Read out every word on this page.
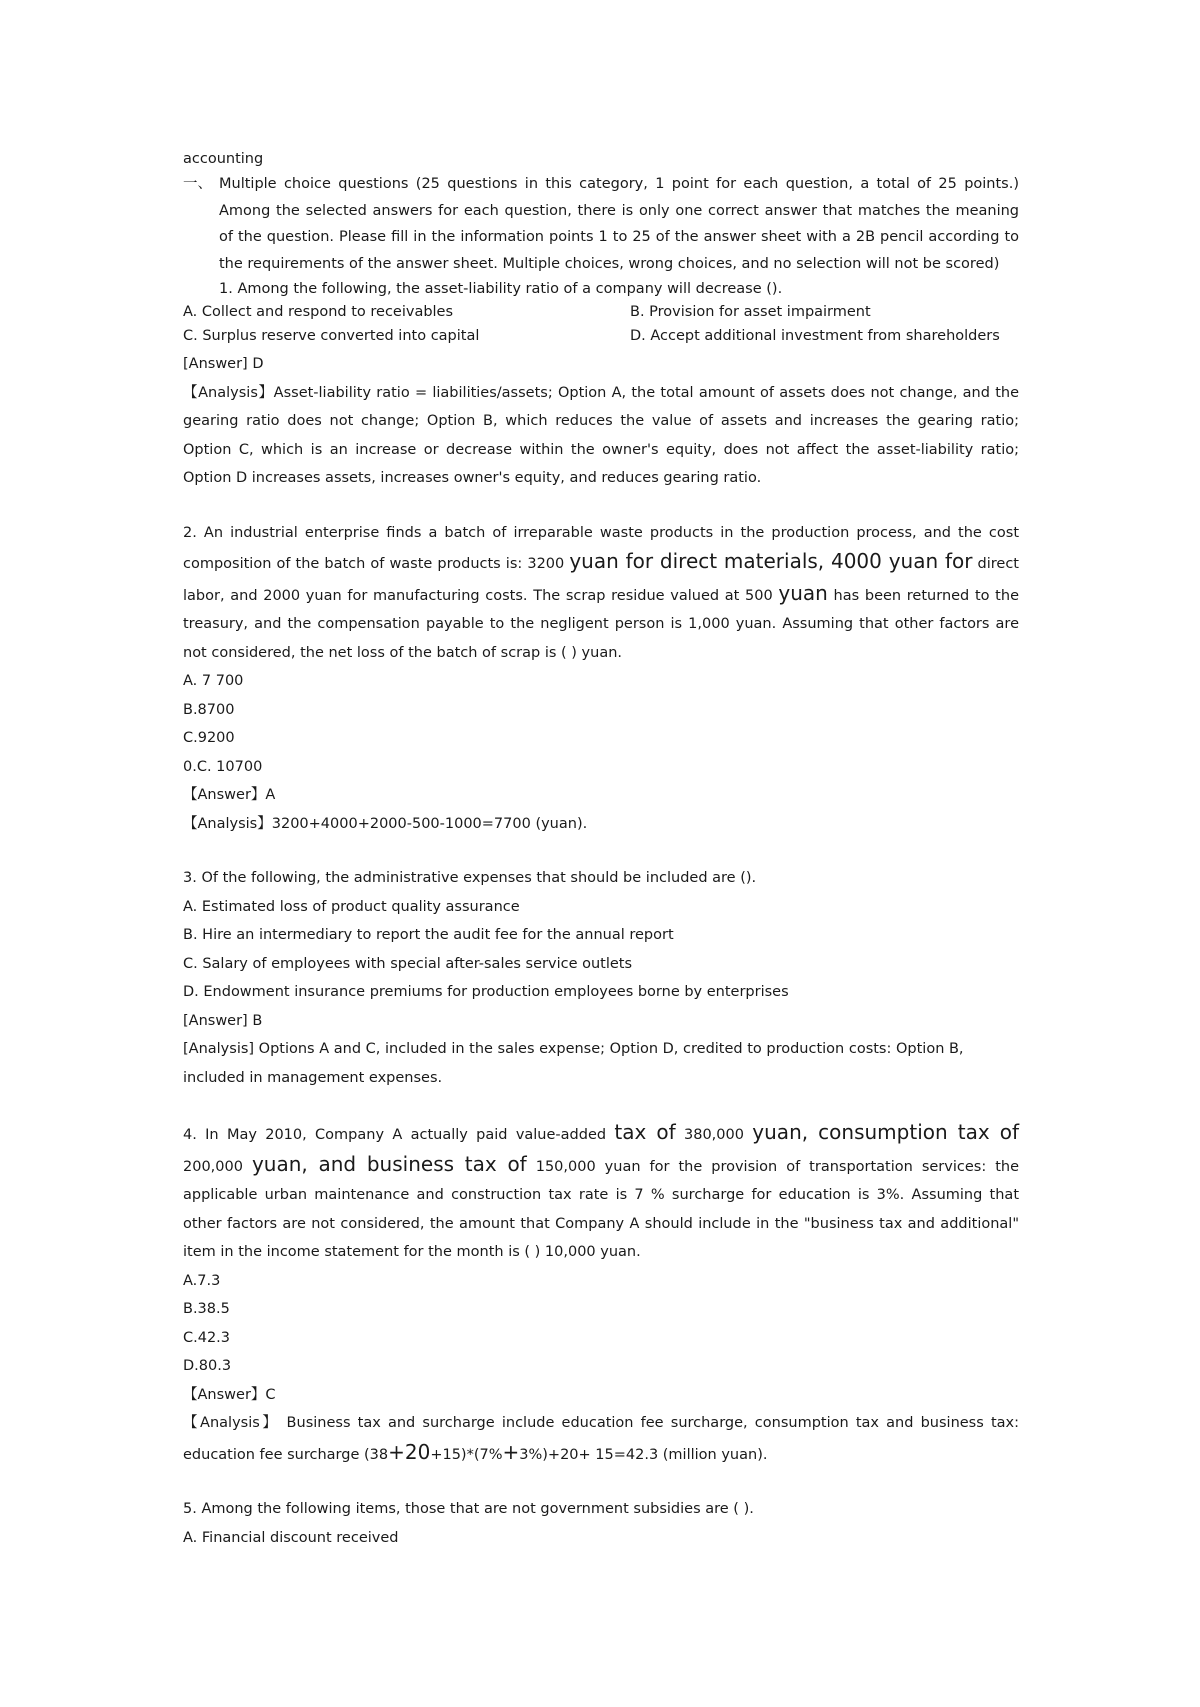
accounting

一、 Multiple choice questions (25 questions in this category, 1 point for each question, a total of 25 points.) Among the selected answers for each question, there is only one correct answer that matches the meaning of the question. Please fill in the information points 1 to 25 of the answer sheet with a 2B pencil according to the requirements of the answer sheet. Multiple choices, wrong choices, and no selection will not be scored)

1. Among the following, the asset-liability ratio of a company will decrease ().

A. Collect and respond to receivables	B. Provision for asset impairment
C. Surplus reserve converted into capital	D. Accept additional investment from shareholders

[Answer] D

【Analysis】Asset-liability ratio = liabilities/assets; Option A, the total amount of assets does not change, and the gearing ratio does not change; Option B, which reduces the value of assets and increases the gearing ratio; Option C, which is an increase or decrease within the owner's equity, does not affect the asset-liability ratio; Option D increases assets, increases owner's equity, and reduces gearing ratio.

2. An industrial enterprise finds a batch of irreparable waste products in the production process, and the cost composition of the batch of waste products is: 3200 yuan for direct materials, 4000 yuan for direct labor, and 2000 yuan for manufacturing costs. The scrap residue valued at 500 yuan has been returned to the treasury, and the compensation payable to the negligent person is 1,000 yuan. Assuming that other factors are not considered, the net loss of the batch of scrap is ( ) yuan.

A. 7 700

B.8700

C.9200

0.C. 10700

【Answer】A

【Analysis】3200+4000+2000-500-1000=7700 (yuan).

3. Of the following, the administrative expenses that should be included are ().

A. Estimated loss of product quality assurance

B. Hire an intermediary to report the audit fee for the annual report

C. Salary of employees with special after-sales service outlets

D. Endowment insurance premiums for production employees borne by enterprises

[Answer] B

[Analysis] Options A and C, included in the sales expense; Option D, credited to production costs: Option B,

included in management expenses.

4. In May 2010, Company A actually paid value-added tax of 380,000 yuan, consumption tax of 200,000 yuan, and business tax of 150,000 yuan for the provision of transportation services: the applicable urban maintenance and construction tax rate is 7 % surcharge for education is 3%. Assuming that other factors are not considered, the amount that Company A should include in the "business tax and additional" item in the income statement for the month is ( ) 10,000 yuan.

A.7.3

B.38.5

C.42.3

D.80.3

【Answer】C

【Analysis】 Business tax and surcharge include education fee surcharge, consumption tax and business tax: education fee surcharge (38+20+15)*(7%+3%)+20+ 15=42.3 (million yuan).

5. Among the following items, those that are not government subsidies are ( ).

A. Financial discount received
